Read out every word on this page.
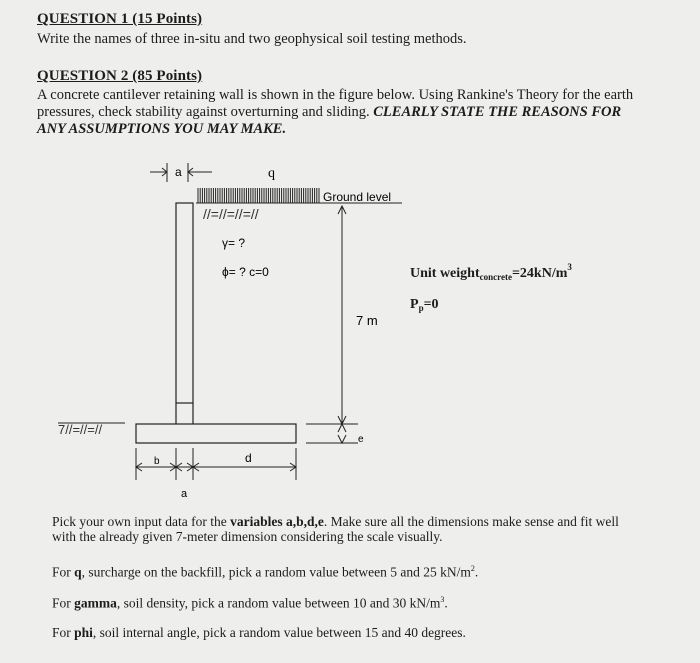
QUESTION 1 (15 Points)
Write the names of three in-situ and two geophysical soil testing methods.
QUESTION 2 (85 Points)
A concrete cantilever retaining wall is shown in the figure below. Using Rankine's Theory for the earth
pressures, check stability against overturning and sliding. CLEARLY STATE THE REASONS FOR
ANY ASSUMPTIONS YOU MAY MAKE.
a	q
Ground level
//=//=//=//
7//=//=//
7 m
e
b	d
a
γ= ?
ϕ= ? c=0	Unit $weight_{concrete}=24kN/m^3$
$P_p=0$
Pick your own input data for the variables a,b,d,e. Make sure all the dimensions make sense and fit well
with the already given 7-meter dimension considering the scale visually.
For q, surcharge on the backfill, pick a random value between 5 and 25 $kN/m^2$.
For gamma, soil density, pick a random value between 10 and 30 $kN/m^3$.
For phi, soil internal angle, pick a random value between 15 and 40 degrees.
